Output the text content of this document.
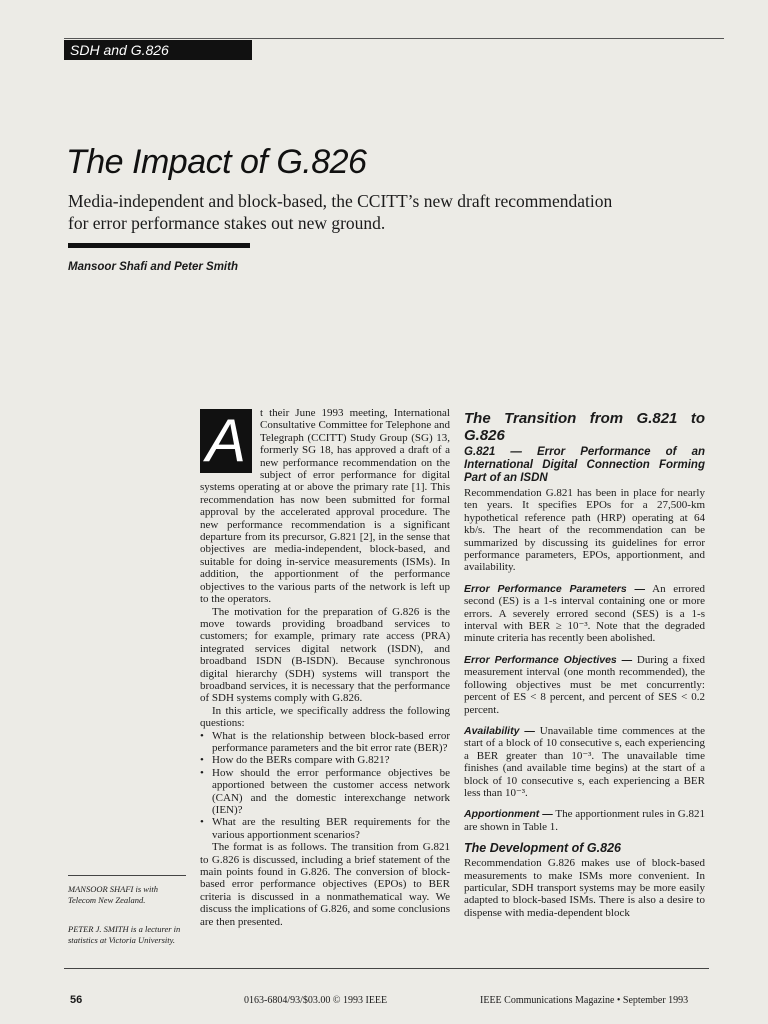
SDH and G.826
The Impact of G.826

Media-independent and block-based, the CCITT’s new draft recommendation for error performance stakes out new ground.

Mansoor Shafi and Peter Smith

A	t their June 1993 meeting, International Consultative Committee for Telephone and Telegraph (CCITT) Study Group (SG) 13, formerly SG 18, has approved a draft of a new performance recommendation on the subject of error performance for digital systems operating at or above the primary rate [1]. This recommendation has now been submitted for formal approval by the accelerated approval procedure. The new performance recommendation is a significant departure from its precursor, G.821 [2], in the sense that objectives are media-independent, block-based, and suitable for doing in-service measurements (ISMs). In addition, the apportionment of the performance objectives to the various parts of the network is left up to the operators.

The motivation for the preparation of G.826 is the move towards providing broadband services to customers; for example, primary rate access (PRA) integrated services digital network (ISDN), and broadband ISDN (B-ISDN). Because synchronous digital hierarchy (SDH) systems will transport the broadband services, it is necessary that the performance of SDH systems comply with G.826.

In this article, we specifically address the following questions:

• What is the relationship between block-based error performance parameters and the bit error rate (BER)?
• How do the BERs compare with G.821?
• How should the error performance objectives be apportioned between the customer access network (CAN) and the domestic interexchange network (IEN)?
• What are the resulting BER requirements for the various apportionment scenarios?

The format is as follows. The transition from G.821 to G.826 is discussed, including a brief statement of the main points found in G.826. The conversion of block-based error performance objectives (EPOs) to BER criteria is discussed in a nonmathematical way. We discuss the implications of G.826, and some conclusions are then presented.

The Transition from G.821 to G.826
G.821 — Error Performance of an International Digital Connection Forming Part of an ISDN

Recommendation G.821 has been in place for nearly ten years. It specifies EPOs for a 27,500-km hypothetical reference path (HRP) operating at 64 kb/s. The heart of the recommendation can be summarized by discussing its guidelines for error performance parameters, EPOs, apportionment, and availability.

Error Performance Parameters — An errored second (ES) is a 1-s interval containing one or more errors. A severely errored second (SES) is a 1-s interval with BER ≥ 10⁻³. Note that the degraded minute criteria has recently been abolished.

Error Performance Objectives — During a fixed measurement interval (one month recommended), the following objectives must be met concurrently: percent of ES < 8 percent, and percent of SES < 0.2 percent.

Availability — Unavailable time commences at the start of a block of 10 consecutive s, each experiencing a BER greater than 10⁻³. The unavailable time finishes (and available time begins) at the start of a block of 10 consecutive s, each experiencing a BER less than 10⁻³.

Apportionment — The apportionment rules in G.821 are shown in Table 1.

The Development of G.826

Recommendation G.826 makes use of block-based measurements to make ISMs more convenient. In particular, SDH transport systems may be more easily adapted to block-based ISMs. There is also a desire to dispense with media-dependent block

MANSOOR SHAFI is with Telecom New Zealand.
PETER J. SMITH is a lecturer in statistics at Victoria University.
56	0163-6804/93/$03.00 © 1993 IEEE	IEEE Communications Magazine • September 1993
